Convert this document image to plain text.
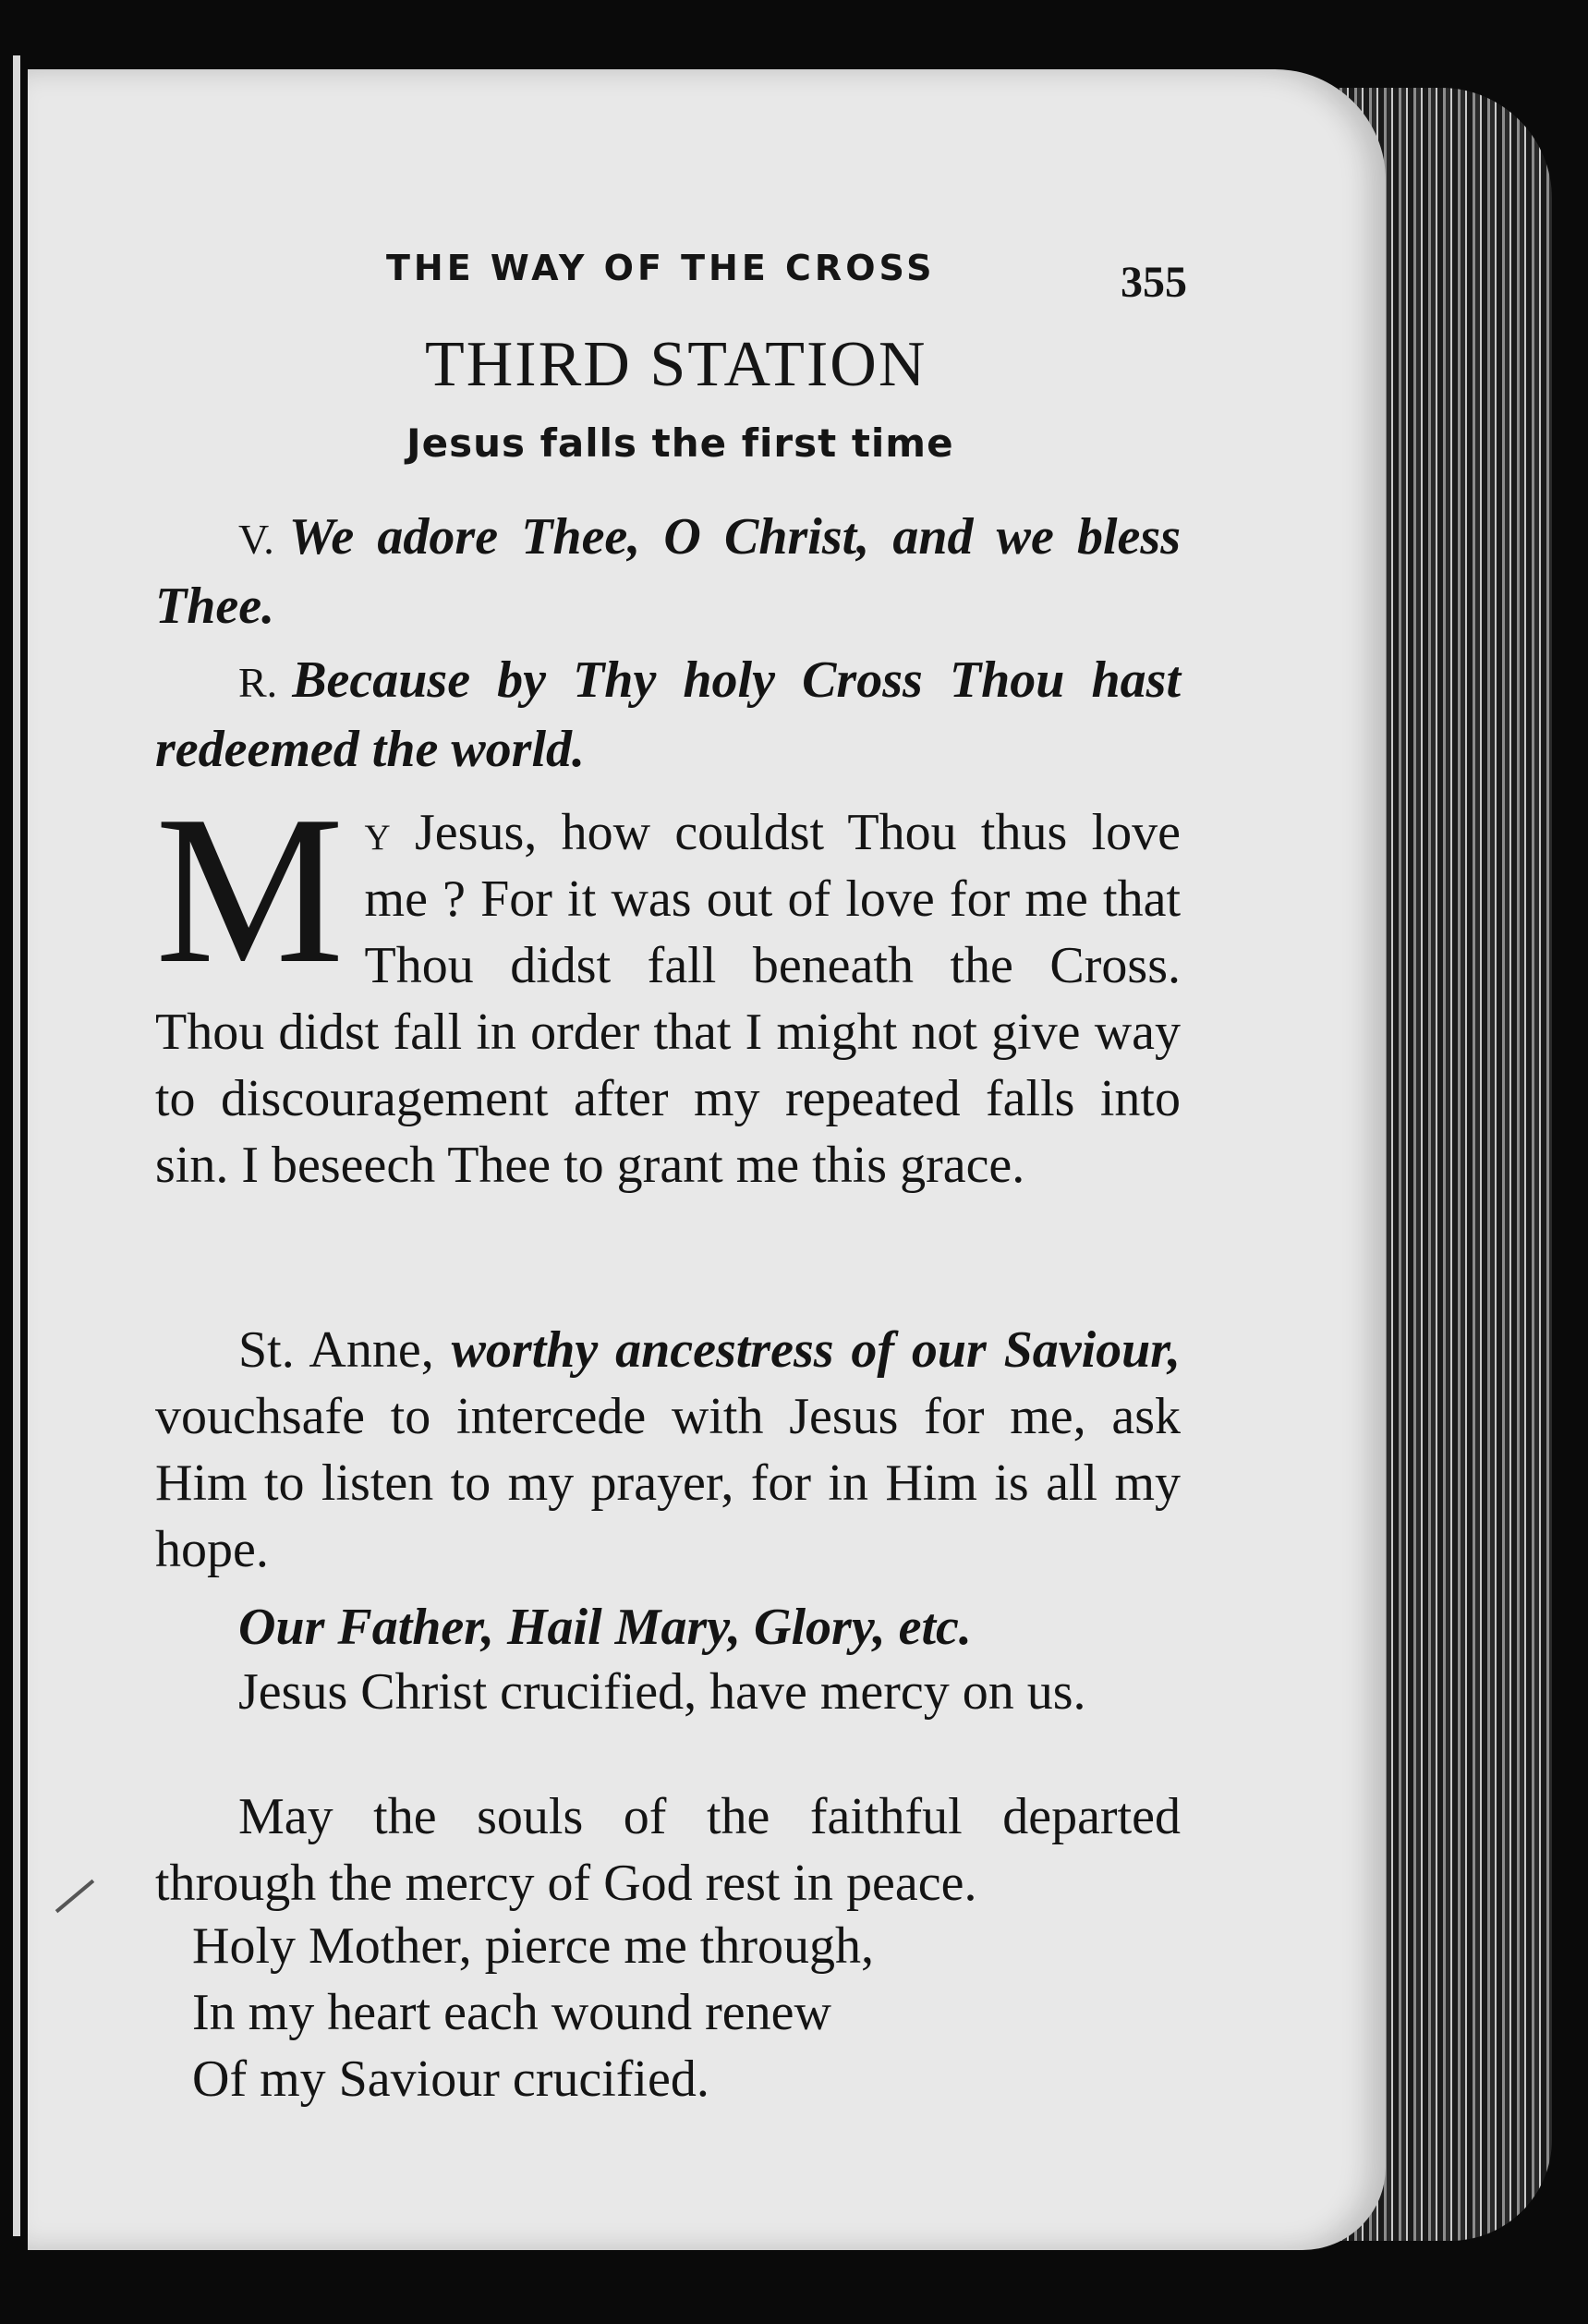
THE WAY OF THE CROSS	355
THIRD STATION
Jesus falls the first time
V. We adore Thee, O Christ, and we bless Thee.
R. Because by Thy holy Cross Thou hast redeemed the world.
M y Jesus, how couldst Thou thus love me ? For it was out of love for me that Thou didst fall beneath the Cross. Thou didst fall in order that I might not give way to discouragement after my repeated falls into sin. I beseech Thee to grant me this grace.
St. Anne, worthy ancestress of our Saviour, vouchsafe to intercede with Jesus for me, ask Him to listen to my prayer, for in Him is all my hope.
Our Father, Hail Mary, Glory, etc.
Jesus Christ crucified, have mercy on us.
May the souls of the faithful departed through the mercy of God rest in peace.
Holy Mother, pierce me through,
In my heart each wound renew
Of my Saviour crucified.
